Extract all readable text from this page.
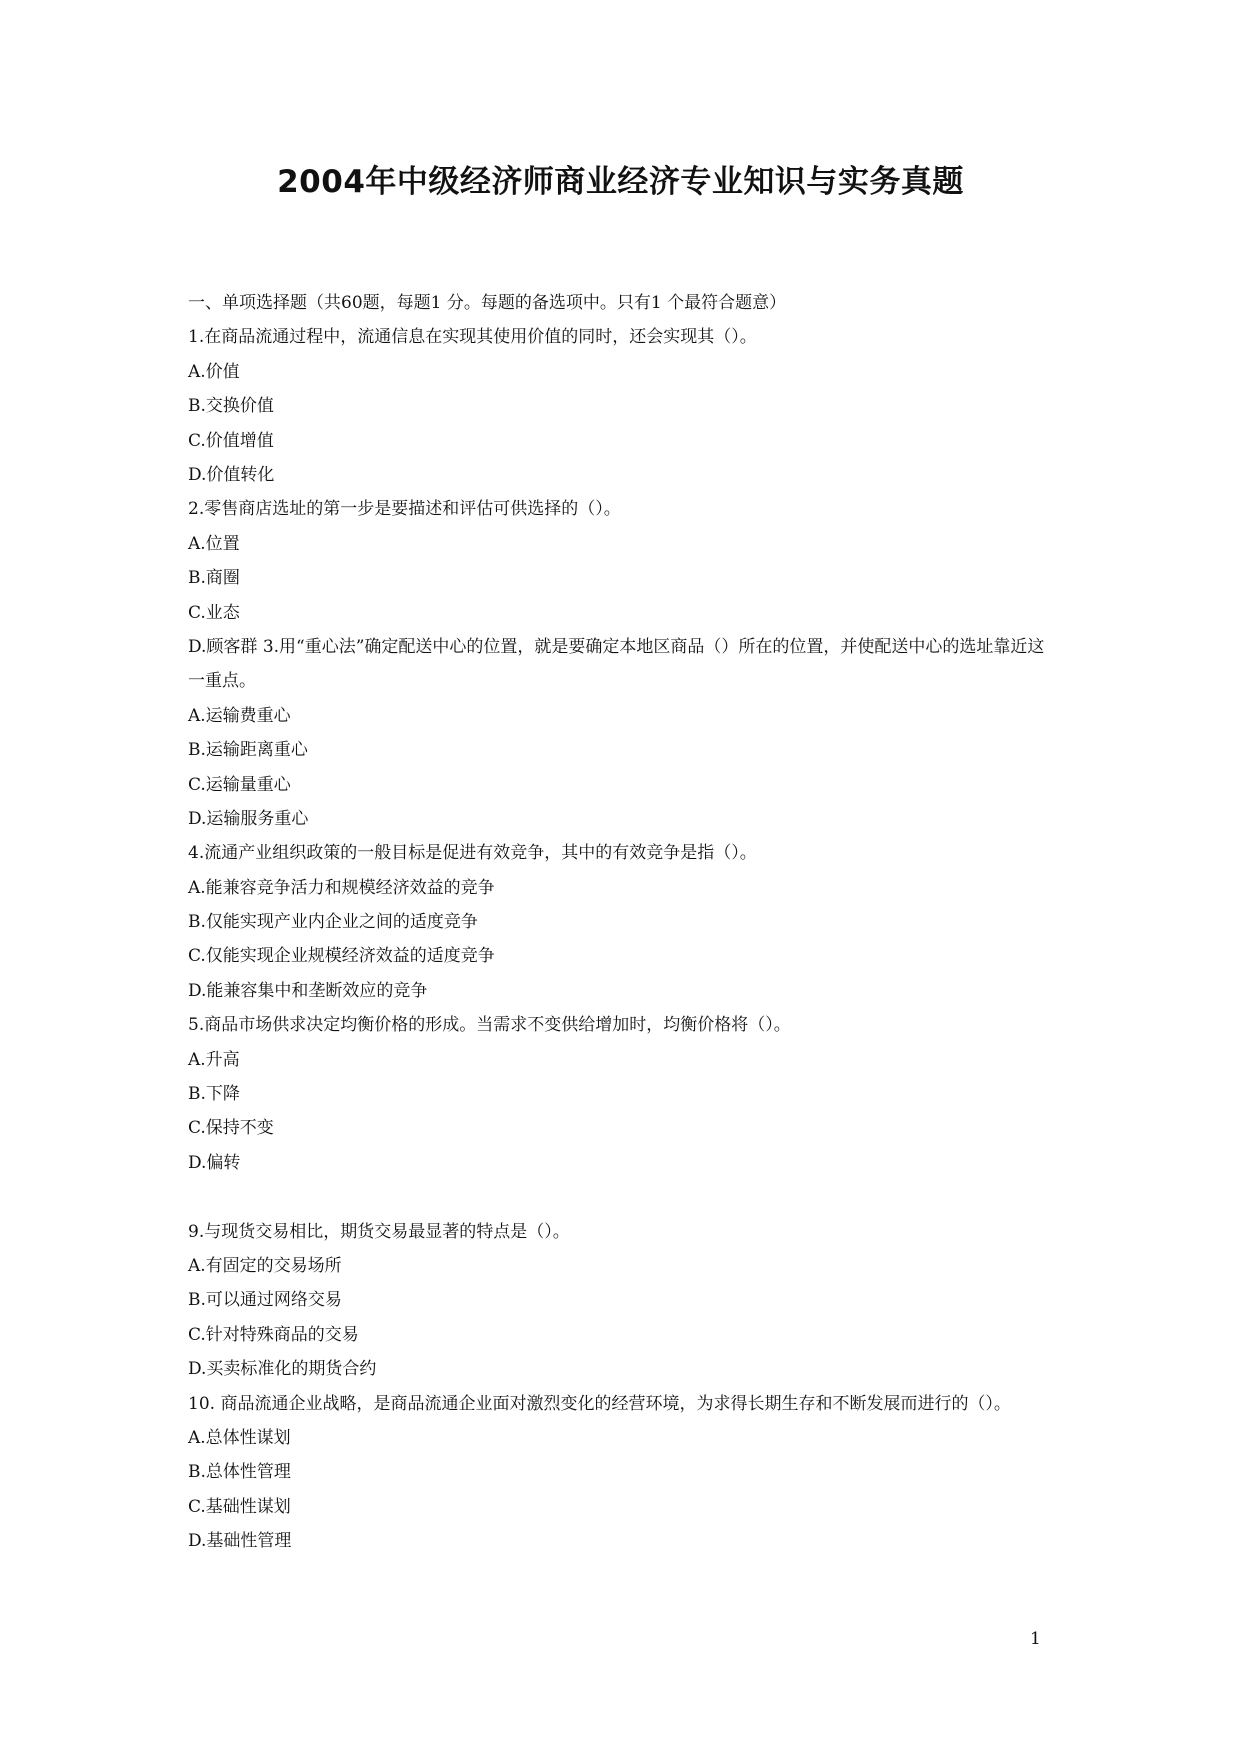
2004年中级经济师商业经济专业知识与实务真题
一、单项选择题（共60题，每题1 分。每题的备选项中。只有1 个最符合题意）
1.在商品流通过程中，流通信息在实现其使用价值的同时，还会实现其（）。
A.价值
B.交换价值
C.价值增值
D.价值转化
2.零售商店选址的第一步是要描述和评估可供选择的（）。
A.位置
B.商圈
C.业态
D.顾客群 3.用“重心法”确定配送中心的位置，就是要确定本地区商品（）所在的位置，并使配送中心的选址靠近这一重点。
A.运输费重心
B.运输距离重心
C.运输量重心
D.运输服务重心
4.流通产业组织政策的一般目标是促进有效竞争，其中的有效竞争是指（）。
A.能兼容竞争活力和规模经济效益的竞争
B.仅能实现产业内企业之间的适度竞争
C.仅能实现企业规模经济效益的适度竞争
D.能兼容集中和垄断效应的竞争
5.商品市场供求决定均衡价格的形成。当需求不变供给增加时，均衡价格将（）。
A.升高
B.下降
C.保持不变
D.偏转
9.与现货交易相比，期货交易最显著的特点是（）。
A.有固定的交易场所
B.可以通过网络交易
C.针对特殊商品的交易
D.买卖标准化的期货合约
10. 商品流通企业战略，是商品流通企业面对激烈变化的经营环境，为求得长期生存和不断发展而进行的（）。
A.总体性谋划
B.总体性管理
C.基础性谋划
D.基础性管理
1
